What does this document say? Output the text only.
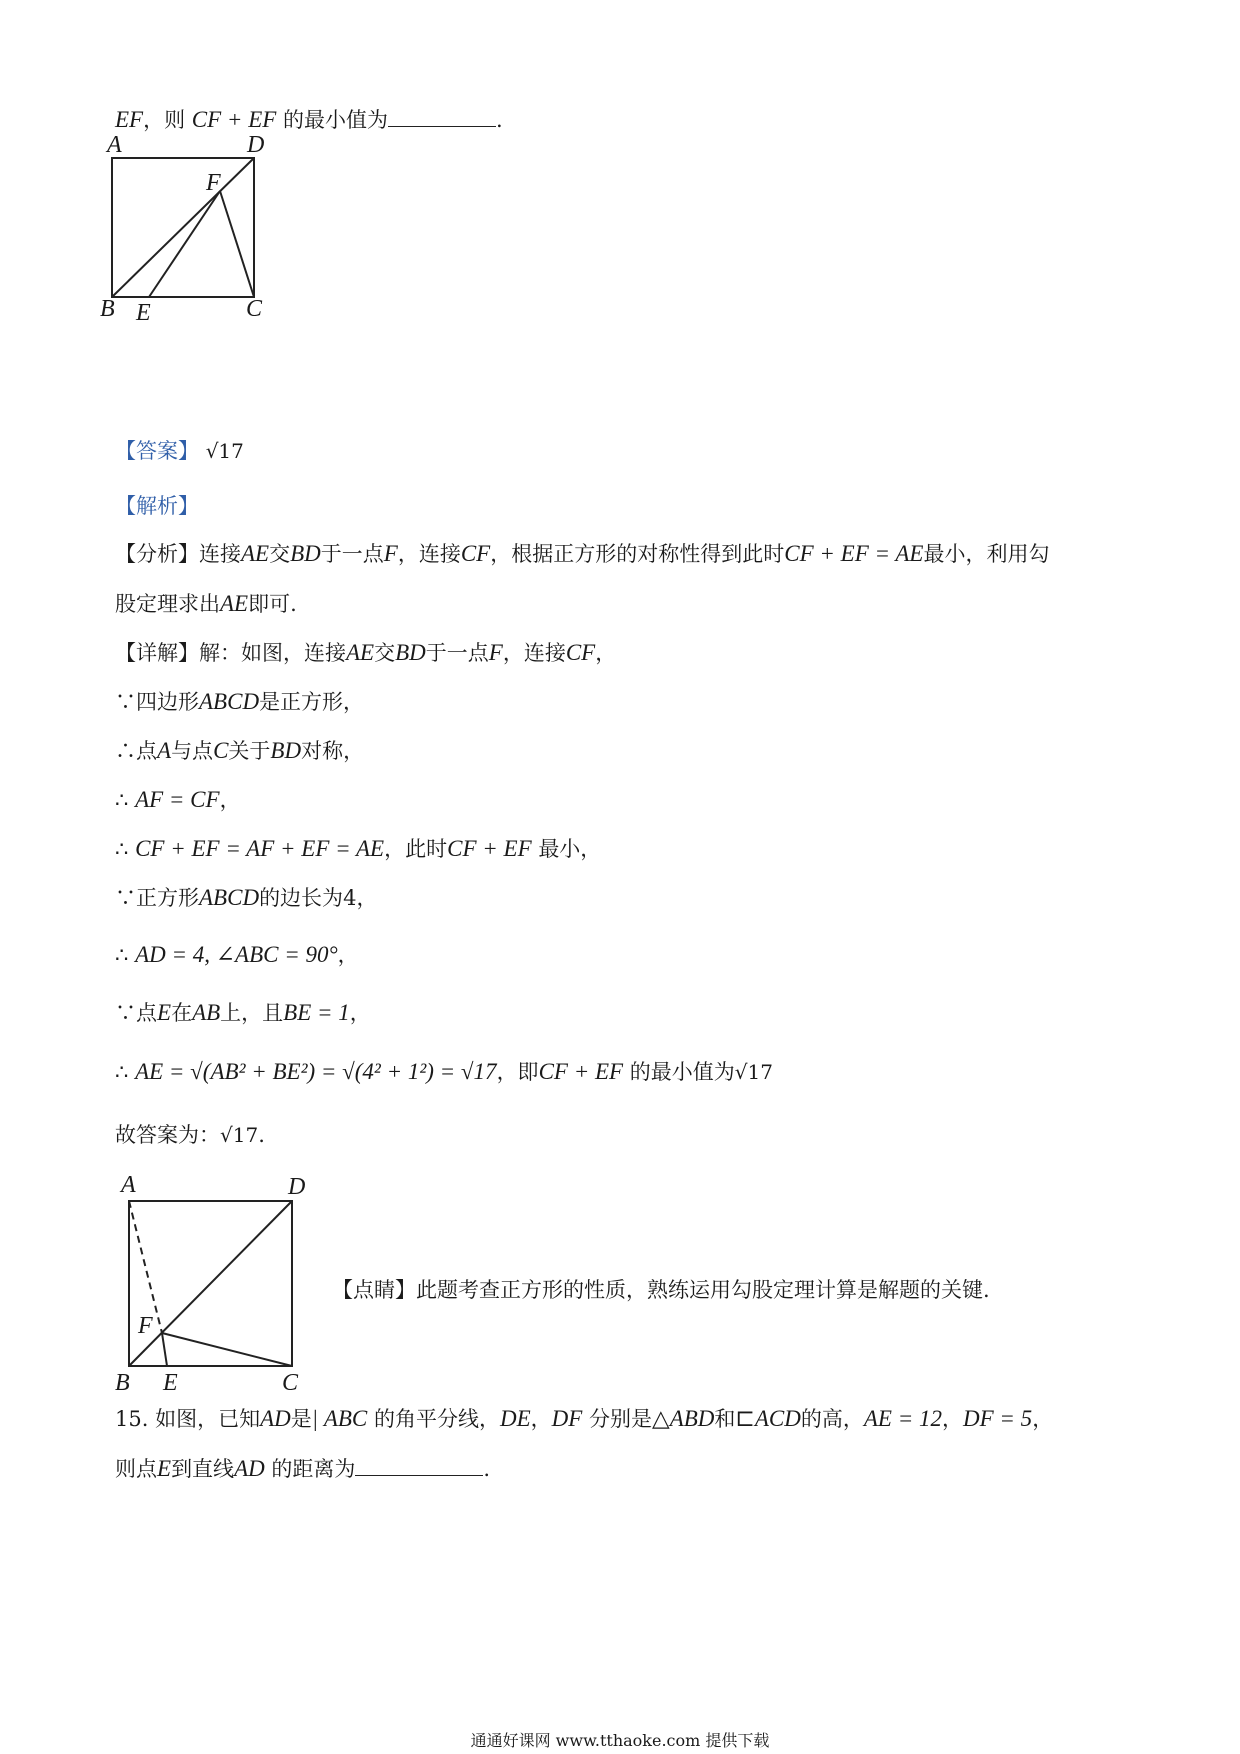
EF，则 CF + EF 的最小值为	.
A	D
F
B E	C
【答案】 √17
【解析】
【分析】连接AE交BD于一点F，连接CF，根据正方形的对称性得到此时CF + EF = AE最小，利用勾
股定理求出AE即可.
【详解】解：如图，连接AE交BD于一点F，连接CF，
∵四边形ABCD是正方形，
∴点A与点C关于BD对称，
∴ AF = CF，
∴ CF + EF = AF + EF = AE，此时CF + EF 最小，
∵正方形ABCD的边长为4，
∴ AD = 4, ∠ABC = 90°，
∵点E在AB上，且BE = 1，
∴ AE = √(AB² + BE²) = √(4² + 1²) = √17，即CF + EF 的最小值为√17
故答案为：√17.
A	D
F
B E	C
【点睛】此题考查正方形的性质，熟练运用勾股定理计算是解题的关键.
15. 如图，已知AD是| ABC 的角平分线，DE，DF 分别是△ABD和⊏ACD的高，AE = 12，DF = 5，
则点E到直线AD 的距离为	.
通通好课网 www.tthaoke.com 提供下载
